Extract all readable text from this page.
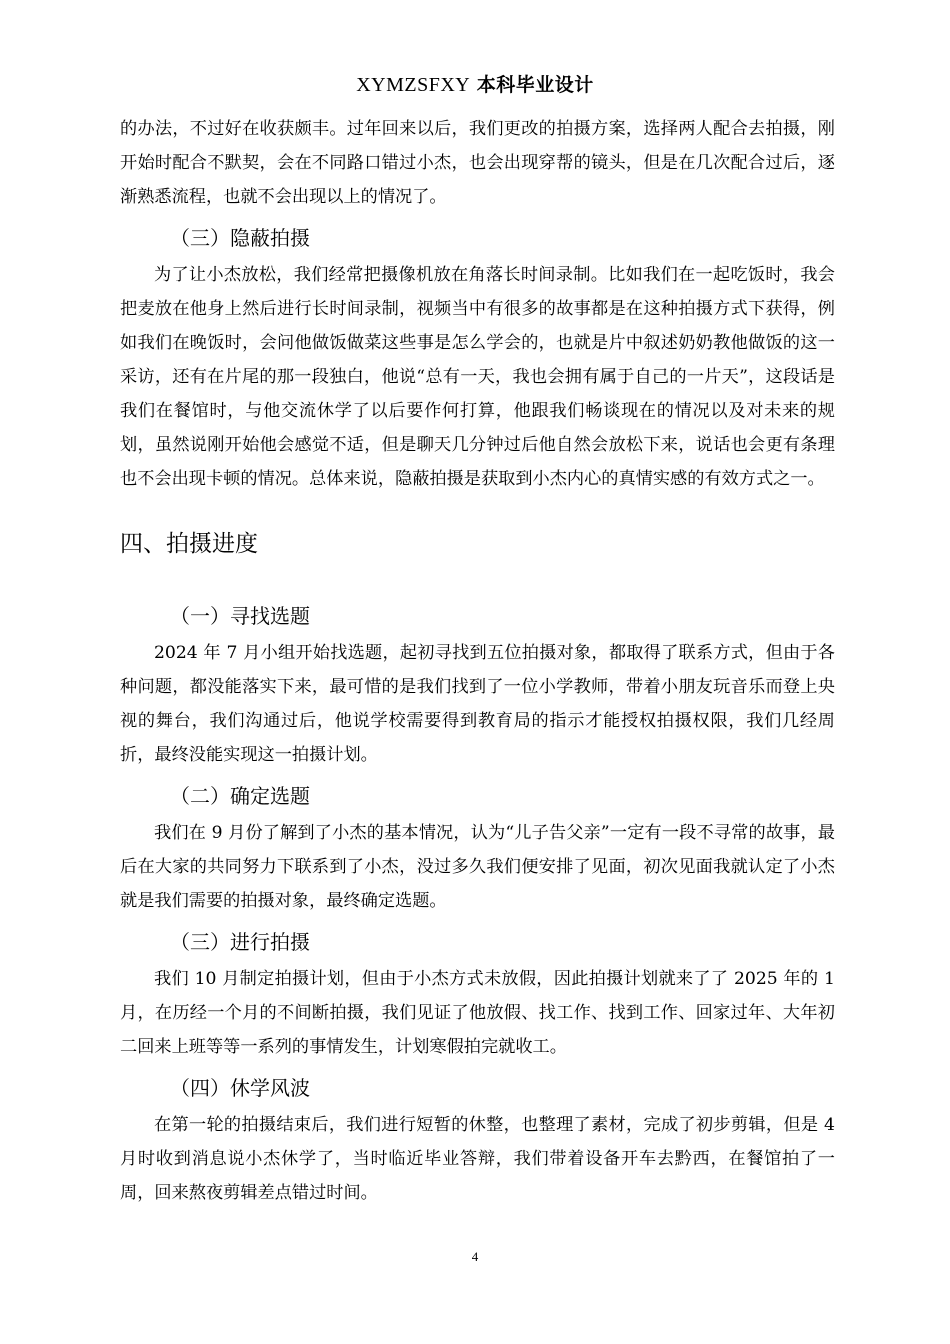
XYMZSFXY 本科毕业设计

的办法，不过好在收获颇丰。过年回来以后，我们更改的拍摄方案，选择两人配合去拍摄，刚开始时配合不默契，会在不同路口错过小杰，也会出现穿帮的镜头，但是在几次配合过后，逐渐熟悉流程，也就不会出现以上的情况了。

（三）隐蔽拍摄

为了让小杰放松，我们经常把摄像机放在角落长时间录制。比如我们在一起吃饭时，我会把麦放在他身上然后进行长时间录制，视频当中有很多的故事都是在这种拍摄方式下获得，例如我们在晚饭时，会问他做饭做菜这些事是怎么学会的，也就是片中叙述奶奶教他做饭的这一采访，还有在片尾的那一段独白，他说“总有一天，我也会拥有属于自己的一片天”，这段话是我们在餐馆时，与他交流休学了以后要作何打算，他跟我们畅谈现在的情况以及对未来的规划，虽然说刚开始他会感觉不适，但是聊天几分钟过后他自然会放松下来，说话也会更有条理也不会出现卡顿的情况。总体来说，隐蔽拍摄是获取到小杰内心的真情实感的有效方式之一。

四、拍摄进度
（一）寻找选题

2024 年 7 月小组开始找选题，起初寻找到五位拍摄对象，都取得了联系方式，但由于各种问题，都没能落实下来，最可惜的是我们找到了一位小学教师，带着小朋友玩音乐而登上央视的舞台，我们沟通过后，他说学校需要得到教育局的指示才能授权拍摄权限，我们几经周折，最终没能实现这一拍摄计划。

（二）确定选题

我们在 9 月份了解到了小杰的基本情况，认为“儿子告父亲”一定有一段不寻常的故事，最后在大家的共同努力下联系到了小杰，没过多久我们便安排了见面，初次见面我就认定了小杰就是我们需要的拍摄对象，最终确定选题。

（三）进行拍摄

我们 10 月制定拍摄计划，但由于小杰方式未放假，因此拍摄计划就来了了 2025 年的 1 月，在历经一个月的不间断拍摄，我们见证了他放假、找工作、找到工作、回家过年、大年初二回来上班等等一系列的事情发生，计划寒假拍完就收工。

（四）休学风波

在第一轮的拍摄结束后，我们进行短暂的休整，也整理了素材，完成了初步剪辑，但是 4 月时收到消息说小杰休学了，当时临近毕业答辩，我们带着设备开车去黔西，在餐馆拍了一周，回来熬夜剪辑差点错过时间。

4
